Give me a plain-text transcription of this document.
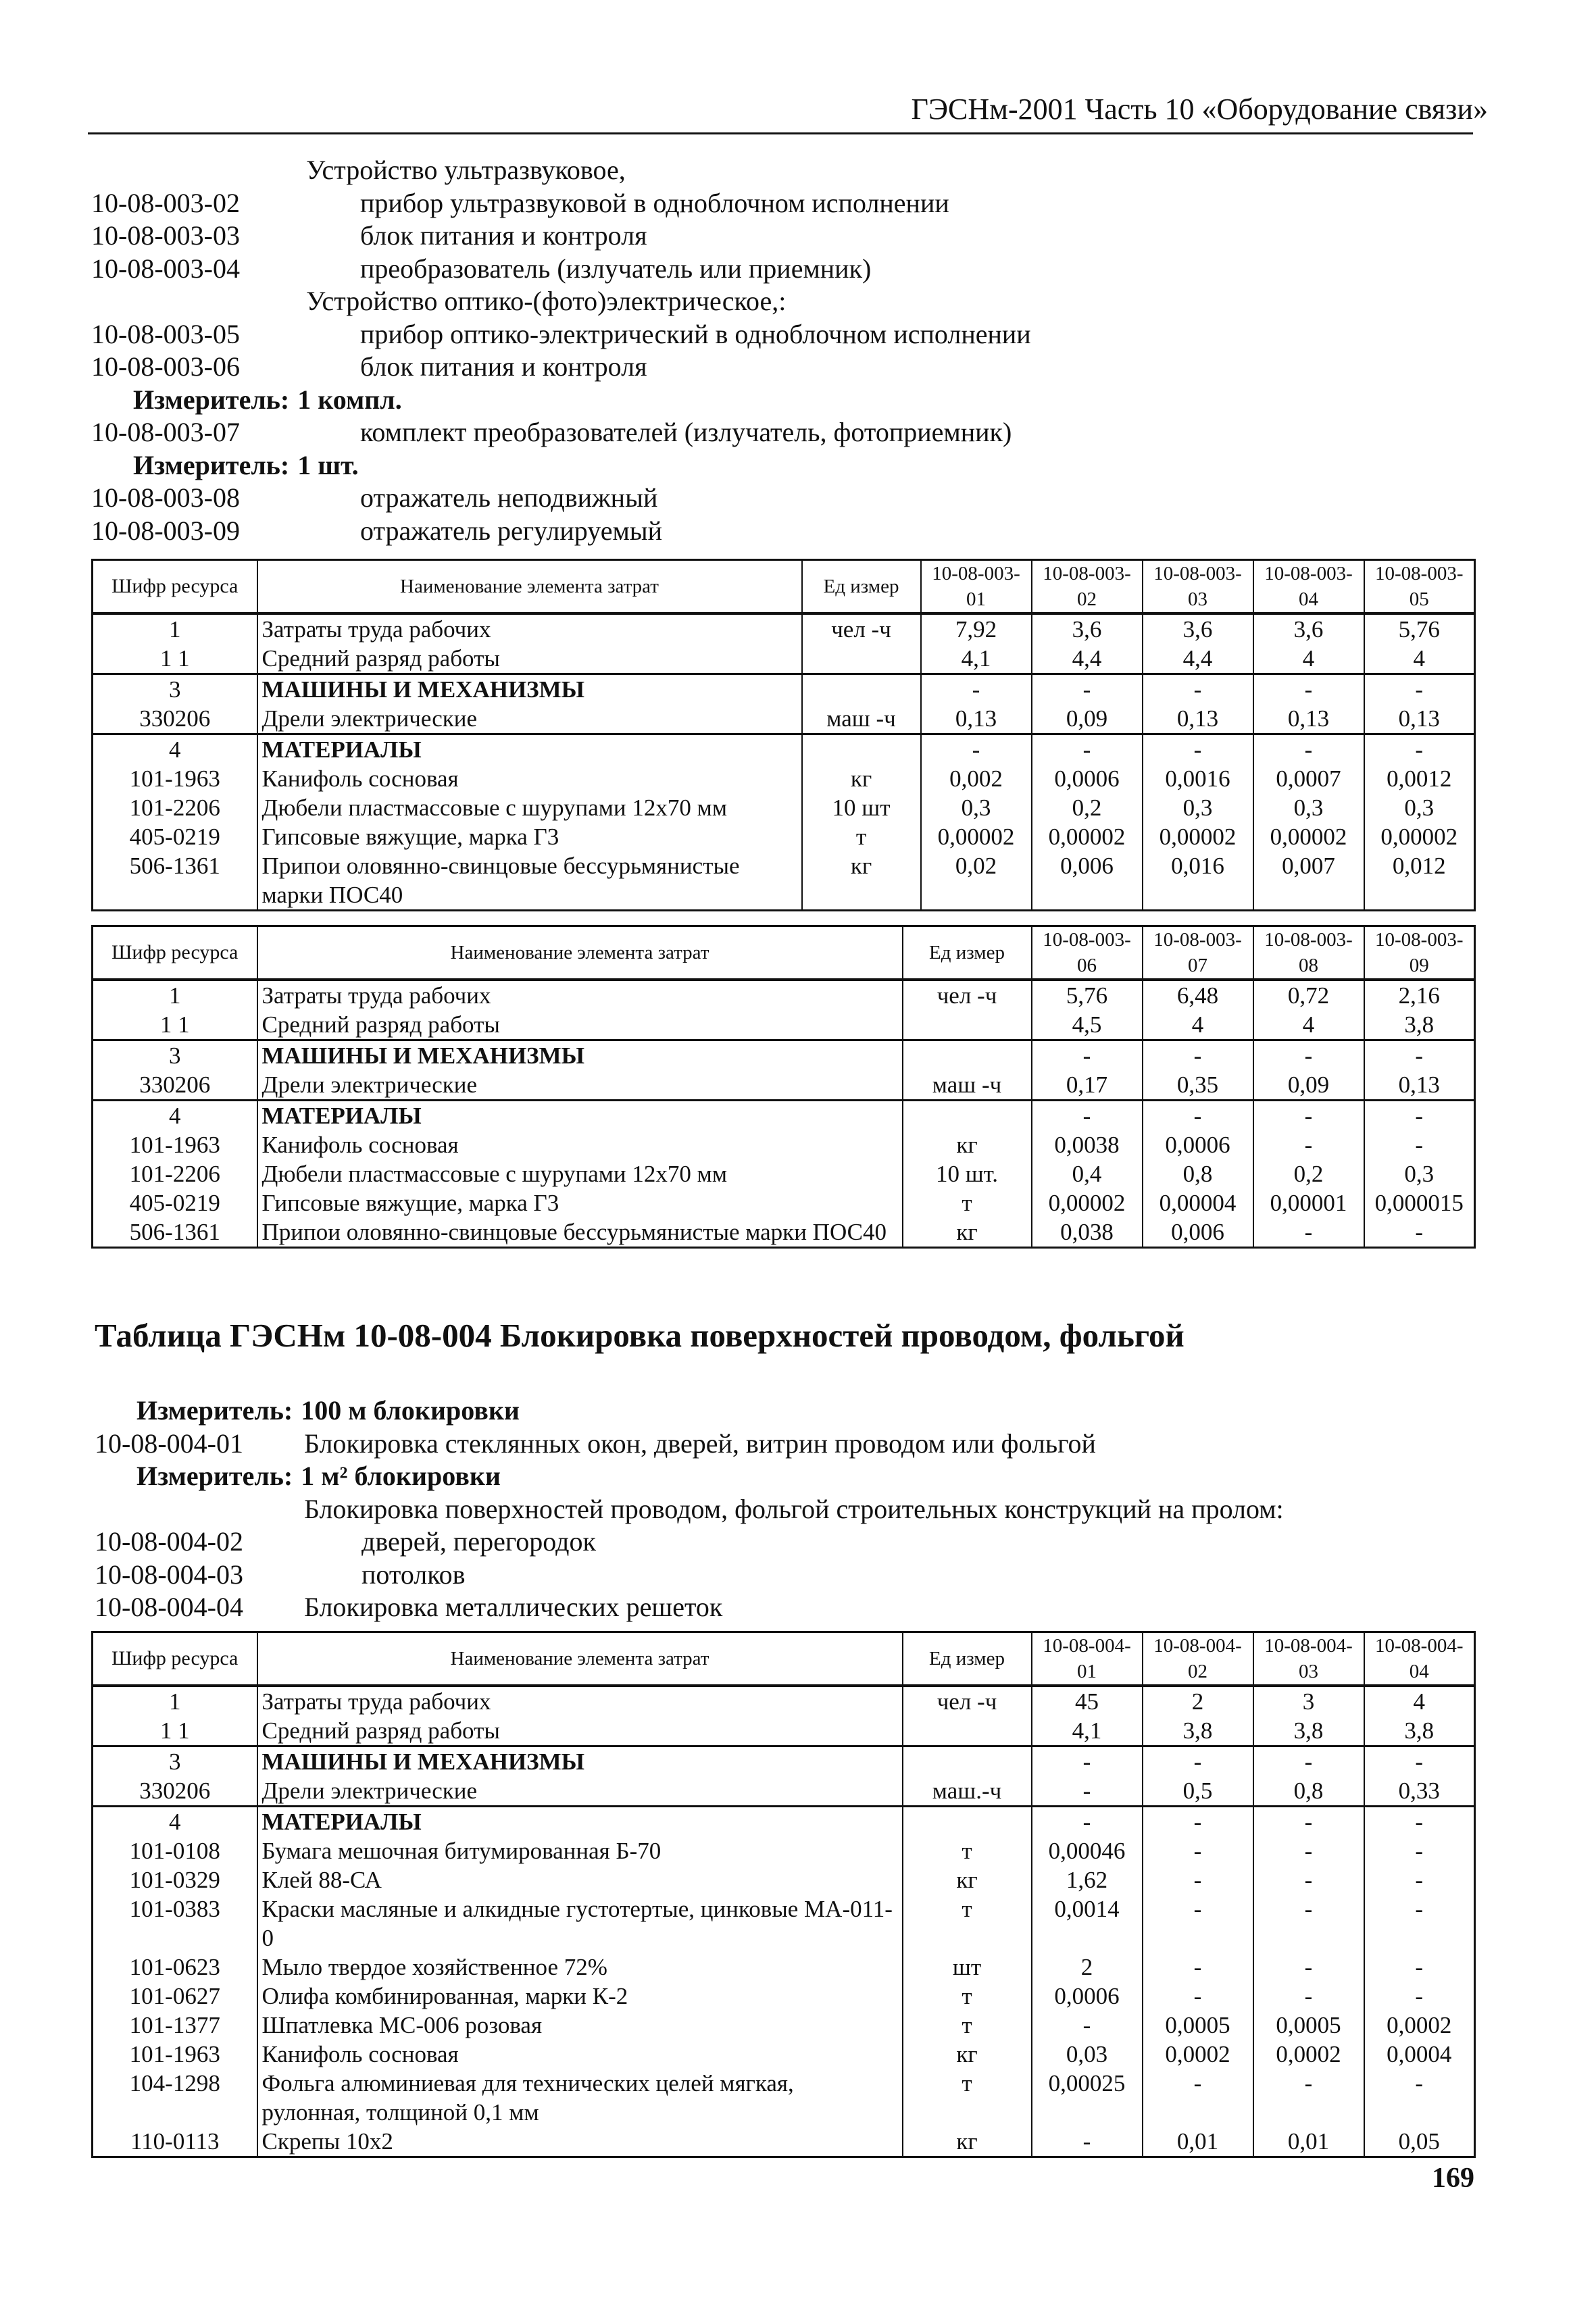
ГЭСНм-2001 Часть 10 «Оборудование связи»
Устройство ультразвуковое,
10-08-003-02	прибор ультразвуковой в одноблочном исполнении
10-08-003-03	блок питания и контроля
10-08-003-04	преобразователь (излучатель или приемник)
Устройство оптико-(фото)электрическое,:
10-08-003-05	прибор оптико-электрический в одноблочном исполнении
10-08-003-06	блок питания и контроля
Измеритель: 1 компл.
10-08-003-07	комплект преобразователей (излучатель, фотоприемник)
Измеритель: 1 шт.
10-08-003-08	отражатель неподвижный
10-08-003-09	отражатель регулируемый
Шифр ресурса	Наименование элемента затрат	Ед измер	10-08-003-01	10-08-003-02	10-08-003-03	10-08-003-04	10-08-003-05
1	Затраты труда рабочих	чел -ч	7,92	3,6	3,6	3,6	5,76
1 1	Средний разряд работы		4,1	4,4	4,4	4	4
3	МАШИНЫ И МЕХАНИЗМЫ		-	-	-	-	-
330206	Дрели электрические	маш -ч	0,13	0,09	0,13	0,13	0,13
4	МАТЕРИАЛЫ		-	-	-	-	-
101-1963	Канифоль сосновая	кг	0,002	0,0006	0,0016	0,0007	0,0012
101-2206	Дюбели пластмассовые с шурупами 12х70 мм	10 шт	0,3	0,2	0,3	0,3	0,3
405-0219	Гипсовые вяжущие, марка Г3	т	0,00002	0,00002	0,00002	0,00002	0,00002
506-1361	Припои оловянно-свинцовые бессурьмянистые марки ПОС40	кг	0,02	0,006	0,016	0,007	0,012
Шифр ресурса	Наименование элемента затрат	Ед измер	10-08-003-06	10-08-003-07	10-08-003-08	10-08-003-09
1	Затраты труда рабочих	чел -ч	5,76	6,48	0,72	2,16
1 1	Средний разряд работы		4,5	4	4	3,8
3	МАШИНЫ И МЕХАНИЗМЫ		-	-	-	-
330206	Дрели электрические	маш -ч	0,17	0,35	0,09	0,13
4	МАТЕРИАЛЫ		-	-	-	-
101-1963	Канифоль сосновая	кг	0,0038	0,0006	-	-
101-2206	Дюбели пластмассовые с шурупами 12х70 мм	10 шт.	0,4	0,8	0,2	0,3
405-0219	Гипсовые вяжущие, марка Г3	т	0,00002	0,00004	0,00001	0,000015
506-1361	Припои оловянно-свинцовые бессурьмянистые марки ПОС40	кг	0,038	0,006	-	-
Таблица ГЭСНм 10-08-004 Блокировка поверхностей проводом, фольгой
Измеритель: 100 м блокировки
10-08-004-01 Блокировка стеклянных окон, дверей, витрин проводом или фольгой
Измеритель: 1 м² блокировки
Блокировка поверхностей проводом, фольгой строительных конструкций на пролом:
10-08-004-02	дверей, перегородок
10-08-004-03	потолков
10-08-004-04 Блокировка металлических решеток
Шифр ресурса	Наименование элемента затрат	Ед измер	10-08-004-01	10-08-004-02	10-08-004-03	10-08-004-04
1	Затраты труда рабочих	чел -ч	45	2	3	4
1 1	Средний разряд работы		4,1	3,8	3,8	3,8
3	МАШИНЫ И МЕХАНИЗМЫ		-	-	-	-
330206	Дрели электрические	маш.-ч	-	0,5	0,8	0,33
4	МАТЕРИАЛЫ		-	-	-	-
101-0108	Бумага мешочная битумированная Б-70	т	0,00046	-	-	-
101-0329	Клей 88-СА	кг	1,62	-	-	-
101-0383	Краски масляные и алкидные густотертые, цинковые МА-011-0	т	0,0014	-	-	-
101-0623	Мыло твердое хозяйственное 72%	шт	2	-	-	-
101-0627	Олифа комбинированная, марки К-2	т	0,0006	-	-	-
101-1377	Шпатлевка МС-006 розовая	т	-	0,0005	0,0005	0,0002
101-1963	Канифоль сосновая	кг	0,03	0,0002	0,0002	0,0004
104-1298	Фольга алюминиевая для технических целей мягкая, рулонная, толщиной 0,1 мм	т	0,00025	-	-	-
110-0113	Скрепы 10х2	кг	-	0,01	0,01	0,05
169
